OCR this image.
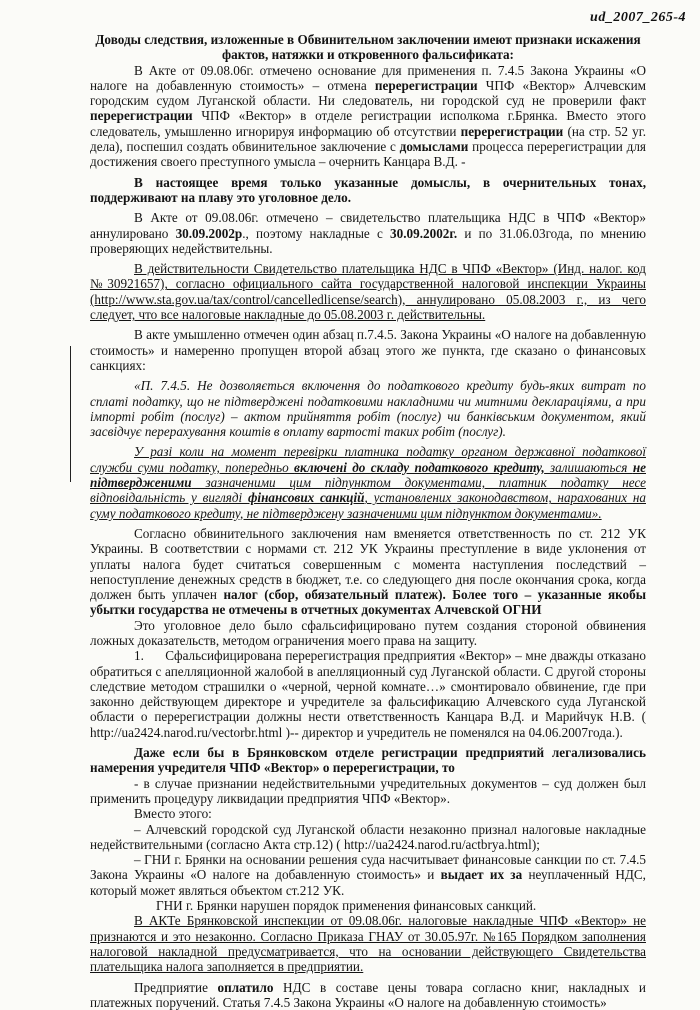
ud_2007_265-4

Доводы следствия, изложенные в Обвинительном заключении имеют признаки искажения фактов, натяжки и откровенного фальсификата:

В Акте от 09.08.06г. отмечено основание для применения п. 7.4.5 Закона Украины «О налоге на добавленную стоимость» – отмена перерегистрации ЧПФ «Вектор» Алчевским городским судом Луганской области. Ни следователь, ни городской суд не проверили факт перерегистрации ЧПФ «Вектор» в отделе регистрации исполкома г.Брянка. Вместо этого следователь, умышленно игнорируя информацию об отсутствии перерегистрации (на стр. 52 уг. дела), поспешил создать обвинительное заключение с домыслами процесса перерегистрации для достижения своего преступного умысла – очернить Канцара В.Д. -

В настоящее время только указанные домыслы, в очернительных тонах, поддерживают на плаву это уголовное дело.

В Акте от 09.08.06г. отмечено – свидетельство плательщика НДС в ЧПФ «Вектор» аннулировано 30.09.2002р., поэтому накладные с 30.09.2002г. и по 31.06.03года, по мнению проверяющих недействительны.

В действительности Свидетельство плательщика НДС в ЧПФ «Вектор» (Инд. налог. код №30921657), согласно официального сайта государственной налоговой инспекции Украины (http://www.sta.gov.ua/tax/control/cancelledlicense/search), аннулировано 05.08.2003 г., из чего следует, что все налоговые накладные до 05.08.2003 г. действительны.

В акте умышленно отмечен один абзац п.7.4.5. Закона Украины «О налоге на добавленную стоимость» и намеренно пропущен второй абзац этого же пункта, где сказано о финансовых санкциях:

«П. 7.4.5. Не дозволяється включення до податкового кредиту будь-яких витрат по сплаті податку, що не підтверджені податковими накладними чи митними деклараціями, а при імпорті робіт (послуг) – актом прийняття робіт (послуг) чи банківським документом, який засвідчує перерахування коштів в оплату вартості таких робіт (послуг).

У разі коли на момент перевірки платника податку органом державної податкової служби суми податку, попередньо включені до складу податкового кредиту, залишаються не підтвердженими зазначеними цим підпунктом документами, платник податку несе відповідальність у вигляді фінансових санкцій, установлених законодавством, нарахованих на суму податкового кредиту, не підтверджену зазначеними цим підпунктом документами».

Согласно обвинительного заключения нам вменяется ответственность по ст. 212 УК Украины. В соответствии с нормами ст. 212 УК Украины преступление в виде уклонения от уплаты налога будет считаться совершенным с момента наступления последствий – непоступление денежных средств в бюджет, т.е. со следующего дня после окончания срока, когда должен быть уплачен налог (сбор, обязательный платеж). Более того – указанные якобы убытки государства не отмечены в отчетных документах Алчевской ОГНИ

Это уголовное дело было сфальсифицировано путем создания стороной обвинения ложных доказательств, методом ограничения моего права на защиту.

1. Сфальсифицирована перерегистрация предприятия «Вектор» – мне дважды отказано обратиться с апелляционной жалобой в апелляционный суд Луганской области. С другой стороны следствие методом страшилки о «черной, черной комнате…» смонтировало обвинение, где при законно действующем директоре и учредителе за фальсификацию Алчевского суда Луганской области о перерегистрации должны нести ответственность Канцара В.Д. и Марийчук Н.В. ( http://ua2424.narod.ru/vectorbr.html )-- директор и учредитель не поменялся на 04.06.2007года.).

Даже если бы в Брянковском отделе регистрации предприятий легализовались намерения учредителя ЧПФ «Вектор» о перерегистрации, то

- в случае признании недействительными учредительных документов – суд должен был применить процедуру ликвидации предприятия ЧПФ «Вектор».

Вместо этого:

– Алчевский городской суд Луганской области незаконно признал налоговые накладные недействительными (согласно Акта стр.12) ( http://ua2424.narod.ru/actbrya.html);

– ГНИ г. Брянки на основании решения суда насчитывает финансовые санкции по ст. 7.4.5 Закона Украины «О налоге на добавленную стоимость» и выдает их за неуплаченный НДС, который может являться объектом ст.212 УК.

ГНИ г. Брянки нарушен порядок применения финансовых санкций.

В АКТе Брянковской инспекции от 09.08.06г. налоговые накладные ЧПФ «Вектор» не признаются и это незаконно. Согласно Приказа ГНАУ от 30.05.97г. №165 Порядком заполнения налоговой накладной предусматривается, что на основании действующего Свидетельства плательщика налога заполняется в предприятии.

Предприятие оплатило НДС в составе цены товара согласно книг, накладных и платежных поручений. Статья 7.4.5 Закона Украины «О налоге на добавленную стоимость»
